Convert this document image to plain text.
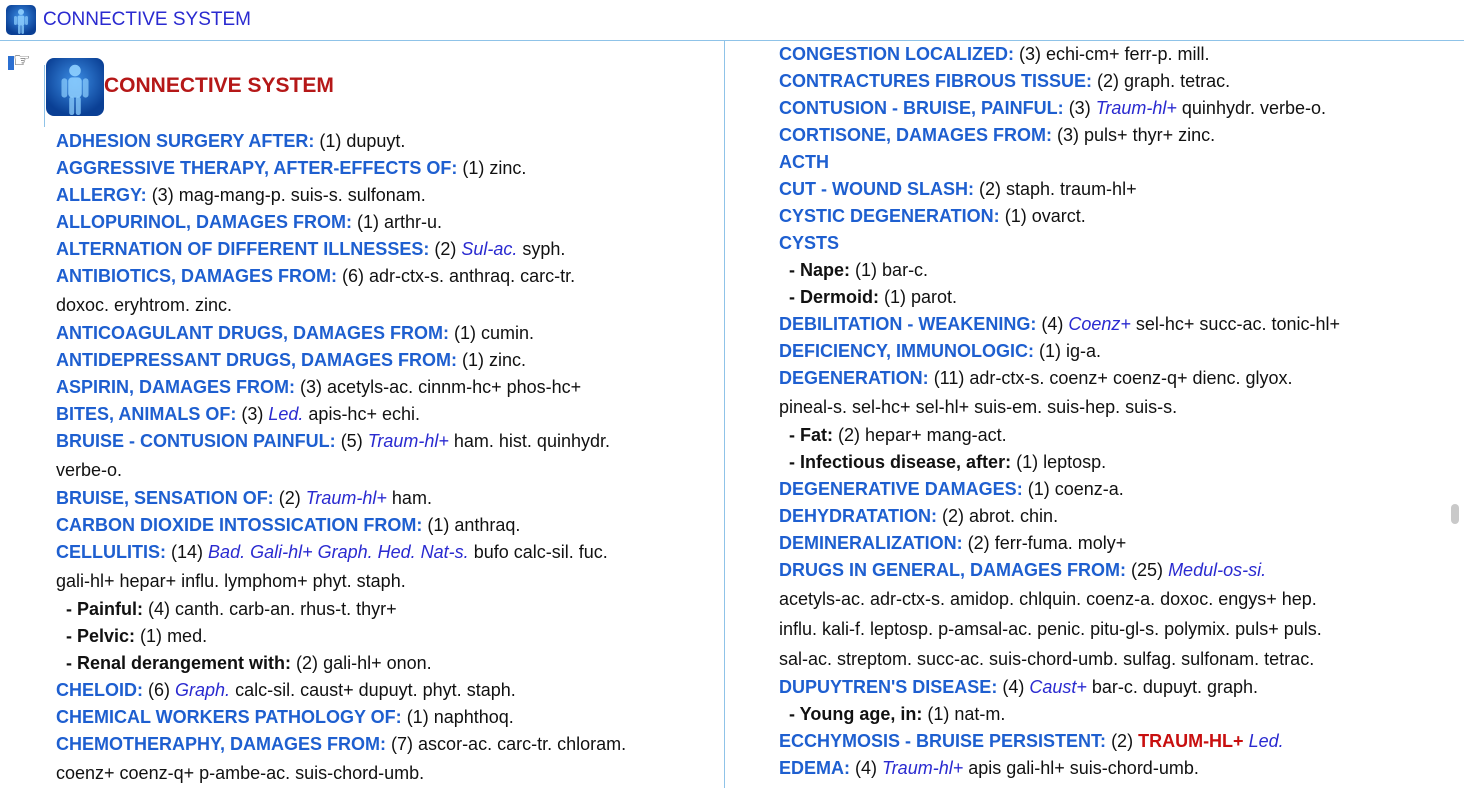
CONNECTIVE SYSTEM
☞
CONNECTIVE SYSTEM
ADHESION SURGERY AFTER: (1) dupuyt.
AGGRESSIVE THERAPY, AFTER-EFFECTS OF: (1) zinc.
ALLERGY: (3) mag-mang-p. suis-s. sulfonam.
ALLOPURINOL, DAMAGES FROM: (1) arthr-u.
ALTERNATION OF DIFFERENT ILLNESSES: (2) Sul-ac. syph.
ANTIBIOTICS, DAMAGES FROM: (6) adr-ctx-s. anthraq. carc-tr.
doxoc. eryhtrom. zinc.
ANTICOAGULANT DRUGS, DAMAGES FROM: (1) cumin.
ANTIDEPRESSANT DRUGS, DAMAGES FROM: (1) zinc.
ASPIRIN, DAMAGES FROM: (3) acetyls-ac. cinnm-hc+ phos-hc+
BITES, ANIMALS OF: (3) Led. apis-hc+ echi.
BRUISE - CONTUSION PAINFUL: (5) Traum-hl+ ham. hist. quinhydr.
verbe-o.
BRUISE, SENSATION OF: (2) Traum-hl+ ham.
CARBON DIOXIDE INTOSSICATION FROM: (1) anthraq.
CELLULITIS: (14) Bad. Gali-hl+ Graph. Hed. Nat-s. bufo calc-sil. fuc.
gali-hl+ hepar+ influ. lymphom+ phyt. staph.
- Painful: (4) canth. carb-an. rhus-t. thyr+
- Pelvic: (1) med.
- Renal derangement with: (2) gali-hl+ onon.
CHELOID: (6) Graph. calc-sil. caust+ dupuyt. phyt. staph.
CHEMICAL WORKERS PATHOLOGY OF: (1) naphthoq.
CHEMOTHERAPHY, DAMAGES FROM: (7) ascor-ac. carc-tr. chloram.
coenz+ coenz-q+ p-ambe-ac. suis-chord-umb.
CONGESTION LOCALIZED: (3) echi-cm+ ferr-p. mill.
CONTRACTURES FIBROUS TISSUE: (2) graph. tetrac.
CONTUSION - BRUISE, PAINFUL: (3) Traum-hl+ quinhydr. verbe-o.
CORTISONE, DAMAGES FROM: (3) puls+ thyr+ zinc.
ACTH
CUT - WOUND SLASH: (2) staph. traum-hl+
CYSTIC DEGENERATION: (1) ovarct.
CYSTS
- Nape: (1) bar-c.
- Dermoid: (1) parot.
DEBILITATION - WEAKENING: (4) Coenz+ sel-hc+ succ-ac. tonic-hl+
DEFICIENCY, IMMUNOLOGIC: (1) ig-a.
DEGENERATION: (11) adr-ctx-s. coenz+ coenz-q+ dienc. glyox.
pineal-s. sel-hc+ sel-hl+ suis-em. suis-hep. suis-s.
- Fat: (2) hepar+ mang-act.
- Infectious disease, after: (1) leptosp.
DEGENERATIVE DAMAGES: (1) coenz-a.
DEHYDRATATION: (2) abrot. chin.
DEMINERALIZATION: (2) ferr-fuma. moly+
DRUGS IN GENERAL, DAMAGES FROM: (25) Medul-os-si.
acetyls-ac. adr-ctx-s. amidop. chlquin. coenz-a. doxoc. engys+ hep.
influ. kali-f. leptosp. p-amsal-ac. penic. pitu-gl-s. polymix. puls+ puls.
sal-ac. streptom. succ-ac. suis-chord-umb. sulfag. sulfonam. tetrac.
DUPUYTREN'S DISEASE: (4) Caust+ bar-c. dupuyt. graph.
- Young age, in: (1) nat-m.
ECCHYMOSIS - BRUISE PERSISTENT: (2) TRAUM-HL+ Led.
EDEMA: (4) Traum-hl+ apis gali-hl+ suis-chord-umb.
